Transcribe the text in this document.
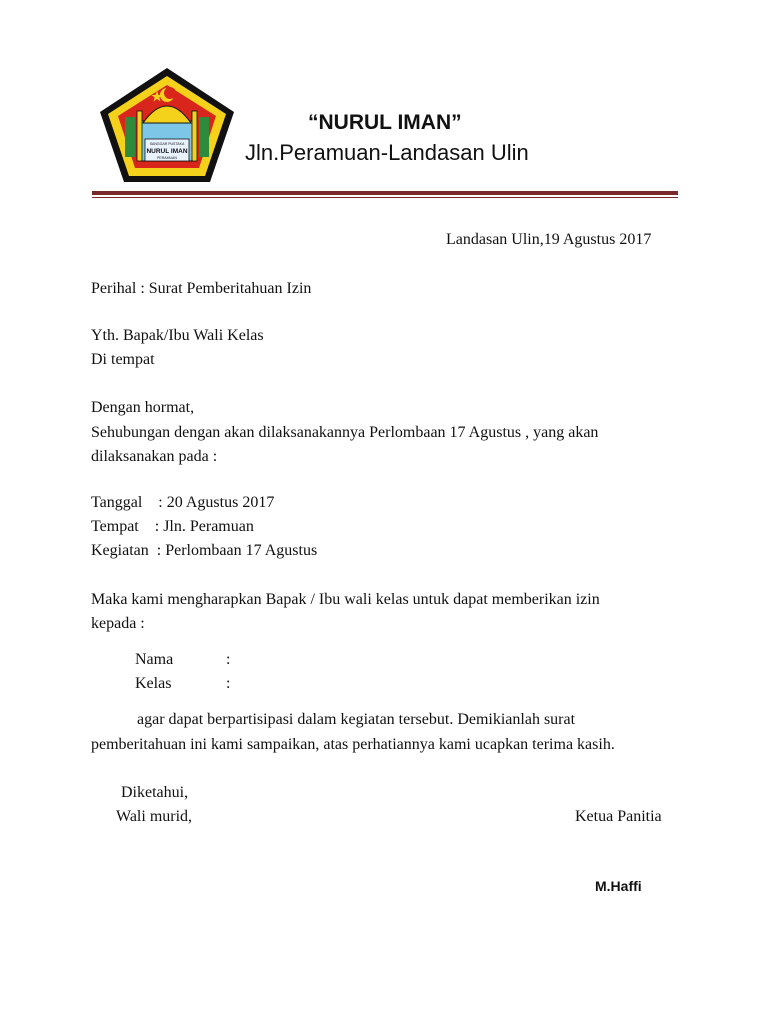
SANGGAR PUSTAKA
NURUL IMAN
PERAMUAN
“NURUL IMAN”
Jln.Peramuan-Landasan Ulin
Landasan Ulin,19 Agustus 2017
Perihal : Surat Pemberitahuan Izin
Yth. Bapak/Ibu Wali Kelas
Di tempat
Dengan hormat,
Sehubungan dengan akan dilaksanakannya Perlombaan 17 Agustus , yang akan
dilaksanakan pada :
Tanggal    : 20 Agustus 2017
Tempat    : Jln. Peramuan
Kegiatan  : Perlombaan 17 Agustus
Maka kami mengharapkan Bapak / Ibu wali kelas untuk dapat memberikan izin
kepada :
Nama	:
Kelas	:
agar dapat berpartisipasi dalam kegiatan tersebut. Demikianlah surat
pemberitahuan ini kami sampaikan, atas perhatiannya kami ucapkan terima kasih.
Diketahui,
Wali murid,	Ketua Panitia
M.Haffi
